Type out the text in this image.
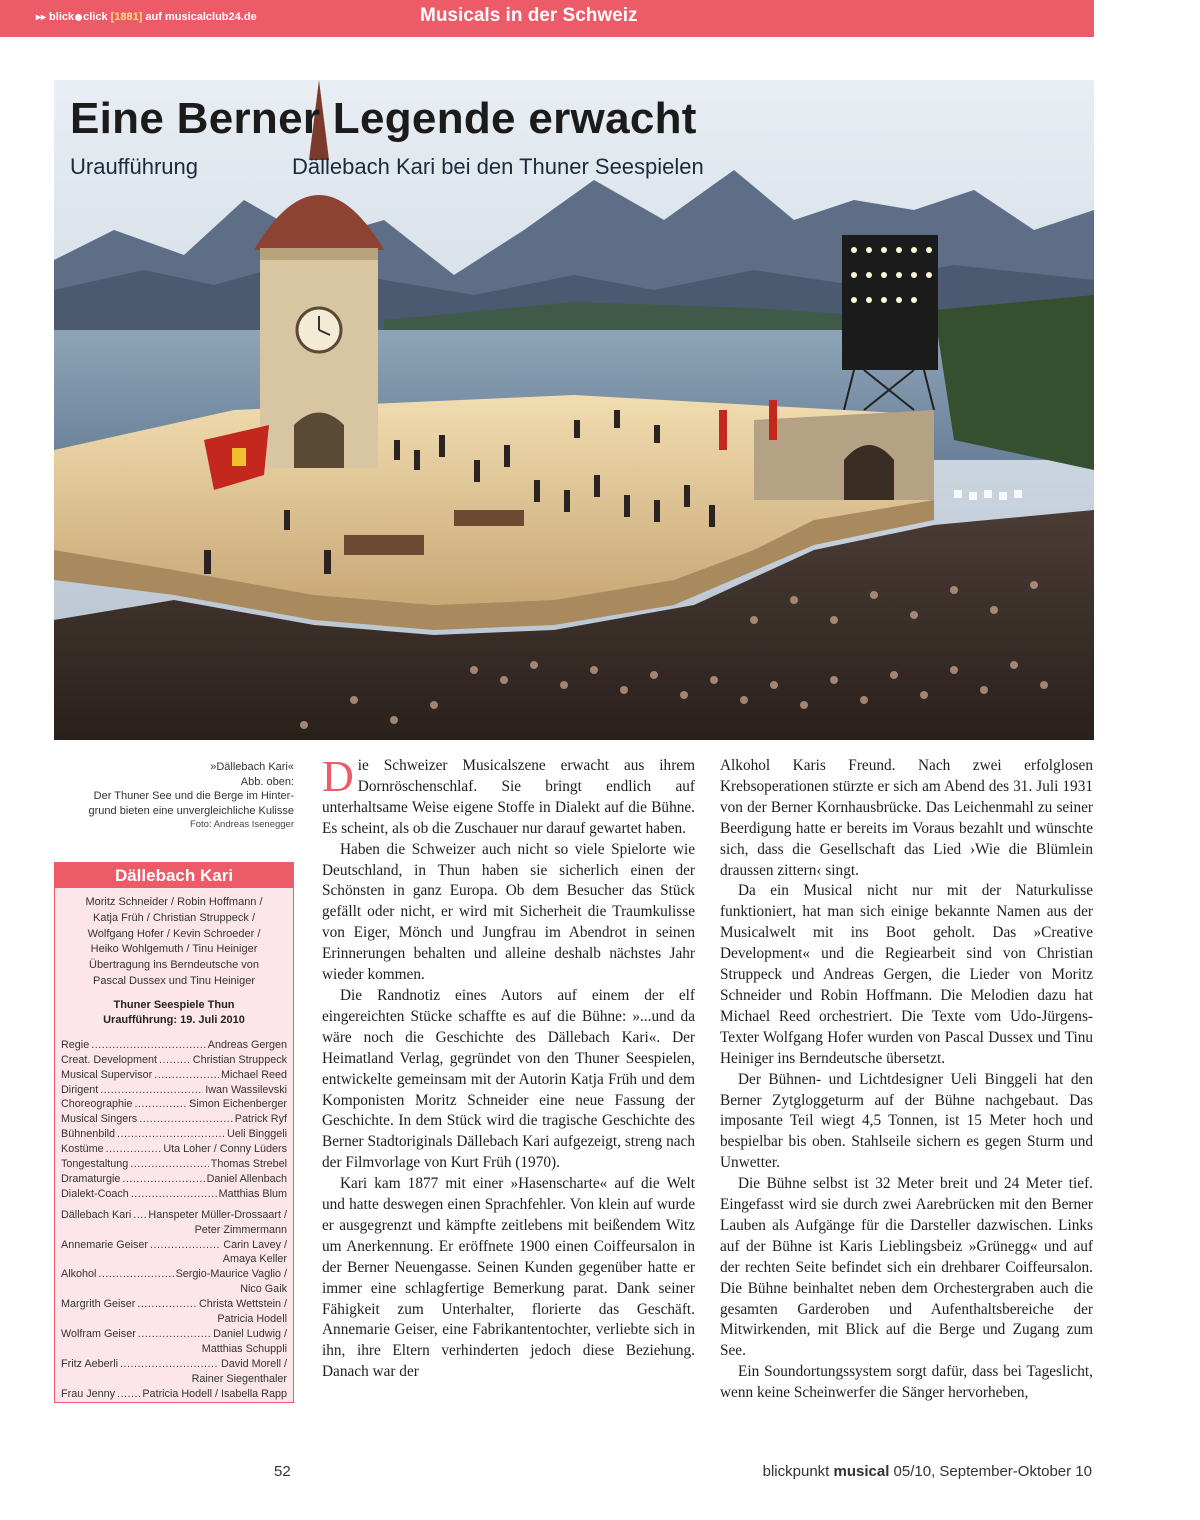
▸▸ blick click [1881] auf musicalclub24.de	Musicals in der Schweiz
Eine Berner Legende erwacht
Uraufführung	Dällebach Kari bei den Thuner Seespielen
»Dällebach Kari«
Abb. oben:
Der Thuner See und die Berge im Hinter-
grund bieten eine unvergleichliche Kulisse
Foto: Andreas Isenegger
Dällebach Kari
Moritz Schneider / Robin Hoffmann /
Katja Früh / Christian Struppeck /
Wolfgang Hofer / Kevin Schroeder /
Heiko Wohlgemuth / Tinu Heiniger
Übertragung ins Berndeutsche von
Pascal Dussex und Tinu Heiniger
Thuner Seespiele Thun
Uraufführung: 19. Juli 2010
Regie .....	Andreas Gergen
Creat. Development .....	Christian Struppeck
Musical Supervisor .....	Michael Reed
Dirigent .....	Iwan Wassilevski
Choreographie .....	Simon Eichenberger
Musical Singers .....	Patrick Ryf
Bühnenbild .....	Ueli Binggeli
Kostüme .....	Uta Loher / Conny Lüders
Tongestaltung .....	Thomas Strebel
Dramaturgie .....	Daniel Allenbach
Dialekt-Coach .....	Matthias Blum
Dällebach Kari ..... Hanspeter Müller-Drossaart /
Peter Zimmermann
Annemarie Geiser .....	Carin Lavey /
Amaya Keller
Alkohol .....	Sergio-Maurice Vaglio /
Nico Gaik
Margrith Geiser .....	Christa Wettstein /
Patricia Hodell
Wolfram Geiser .....	Daniel Ludwig /
Matthias Schuppli
Fritz Aeberli .....	David Morell /
Rainer Siegenthaler
Frau Jenny .....	Patricia Hodell / Isabella Rapp

Die Schweizer Musicalszene erwacht aus ihrem Dornröschenschlaf. Sie bringt endlich auf unterhaltsame Weise eigene Stoffe in Dialekt auf die Bühne. Es scheint, als ob die Zuschauer nur darauf gewartet haben.

Haben die Schweizer auch nicht so viele Spielorte wie Deutschland, in Thun haben sie sicherlich einen der Schönsten in ganz Europa. Ob dem Besucher das Stück gefällt oder nicht, er wird mit Sicherheit die Traumkulisse von Eiger, Mönch und Jungfrau im Abendrot in seinen Erinnerungen behalten und alleine deshalb nächstes Jahr wieder kommen.

Die Randnotiz eines Autors auf einem der elf eingereichten Stücke schaffte es auf die Bühne: »...und da wäre noch die Geschichte des Dällebach Kari«. Der Heimatland Verlag, gegründet von den Thuner Seespielen, entwickelte gemeinsam mit der Autorin Katja Früh und dem Komponisten Moritz Schneider eine neue Fassung der Geschichte. In dem Stück wird die tragische Geschichte des Berner Stadtoriginals Dällebach Kari aufgezeigt, streng nach der Filmvorlage von Kurt Früh (1970).

Kari kam 1877 mit einer »Hasenscharte« auf die Welt und hatte deswegen einen Sprachfehler. Von klein auf wurde er ausgegrenzt und kämpfte zeitlebens mit beißendem Witz um Anerkennung. Er eröffnete 1900 einen Coiffeursalon in der Berner Neuengasse. Seinen Kunden gegenüber hatte er immer eine schlagfertige Bemerkung parat. Dank seiner Fähigkeit zum Unterhalter, florierte das Geschäft. Annemarie Geiser, eine Fabrikantentochter, verliebte sich in ihn, ihre Eltern verhinderten jedoch diese Beziehung. Danach war der

Alkohol Karis Freund. Nach zwei erfolglosen Krebsoperationen stürzte er sich am Abend des 31. Juli 1931 von der Berner Kornhausbrücke. Das Leichenmahl zu seiner Beerdigung hatte er bereits im Voraus bezahlt und wünschte sich, dass die Gesellschaft das Lied ›Wie die Blümlein draussen zittern‹ singt.

Da ein Musical nicht nur mit der Naturkulisse funktioniert, hat man sich einige bekannte Namen aus der Musicalwelt mit ins Boot geholt. Das »Creative Development« und die Regiearbeit sind von Christian Struppeck und Andreas Gergen, die Lieder von Moritz Schneider und Robin Hoffmann. Die Melodien dazu hat Michael Reed orchestriert. Die Texte vom Udo-Jürgens-Texter Wolfgang Hofer wurden von Pascal Dussex und Tinu Heiniger ins Berndeutsche übersetzt.

Der Bühnen- und Lichtdesigner Ueli Binggeli hat den Berner Zytgloggeturm auf der Bühne nachgebaut. Das imposante Teil wiegt 4,5 Tonnen, ist 15 Meter hoch und bespielbar bis oben. Stahlseile sichern es gegen Sturm und Unwetter.

Die Bühne selbst ist 32 Meter breit und 24 Meter tief. Eingefasst wird sie durch zwei Aarebrücken mit den Berner Lauben als Aufgänge für die Darsteller dazwischen. Links auf der Bühne ist Karis Lieblingsbeiz »Grünegg« und auf der rechten Seite befindet sich ein drehbarer Coiffeursalon. Die Bühne beinhaltet neben dem Orchestergraben auch die gesamten Garderoben und Aufenthaltsbereiche der Mitwirkenden, mit Blick auf die Berge und Zugang zum See.

Ein Soundortungssystem sorgt dafür, dass bei Tageslicht, wenn keine Scheinwerfer die Sänger hervorheben,

52	blickpunkt musical 05/10, September-Oktober 10
